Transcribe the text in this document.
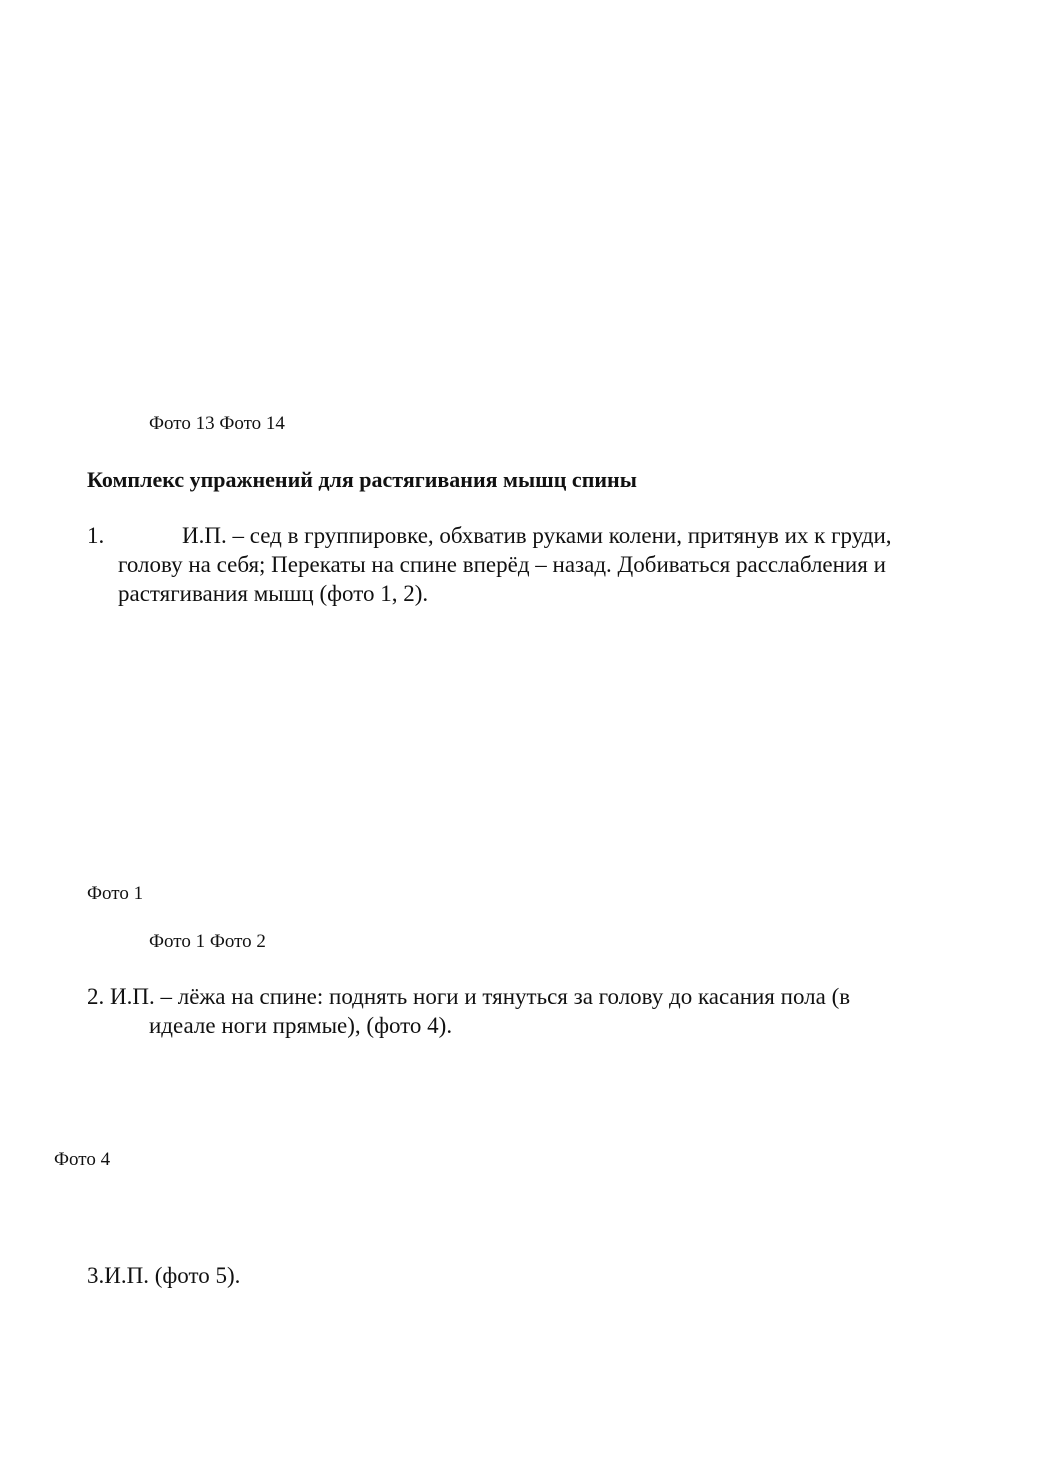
Фото 13 Фото 14
Комплекс упражнений для растягивания мышц спины
1.	И.П. – сед в группировке, обхватив руками колени, притянув их к груди,
голову на себя; Перекаты на спине вперёд – назад. Добиваться расслабления и
растягивания мышц (фото 1, 2).
Фото 1
Фото 1 Фото 2
2. И.П. – лёжа на спине: поднять ноги и тянуться за голову до касания пола (в
идеале ноги прямые), (фото 4).
Фото 4
3.И.П. (фото 5).
